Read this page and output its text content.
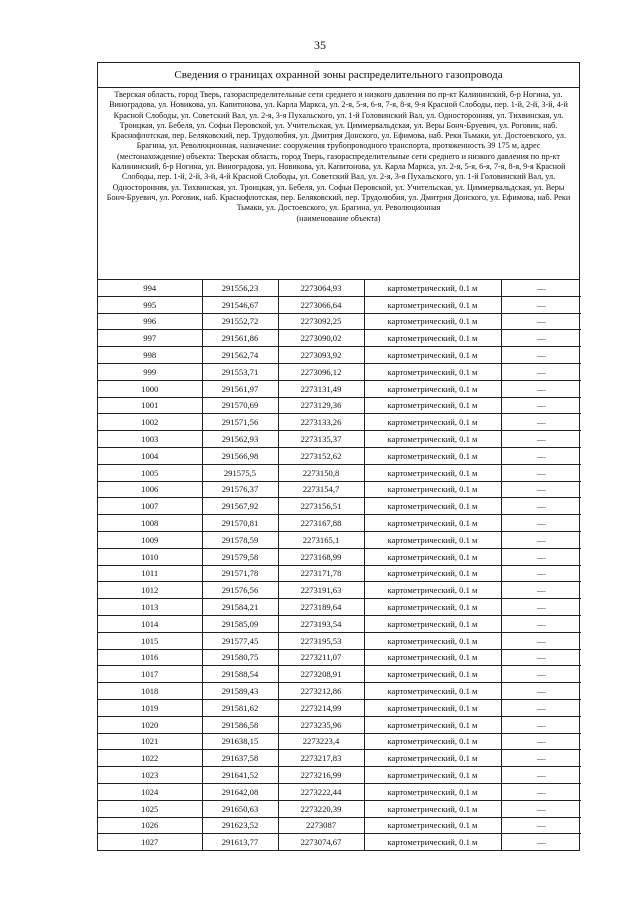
35
Сведения о границах охранной зоны распределительного газопровода
Тверская область, город Тверь, газораспределительные сети среднего и низкого давления по пр-кт Калининский, б-р Ногина, ул. Виноградова, ул. Новикова, ул. Капитонова, ул. Карла Маркса, ул. 2-я, 5-я, 6-я, 7-я, 8-я, 9-я Красной Слободы, пер. 1-й, 2-й, 3-й, 4-й Красной Слободы, ул. Советский Вал, ул. 2-я, 3-я Пухальского, ул. 1-й Головинский Вал, ул. Односторонняя, ул. Тихвинская, ул. Троицкая, ул. Бебеля, ул. Софьи Перовской, ул. Учительская, ул. Циммервальдская, ул. Веры Бонч-Бруевич, ул. Роговик, наб. Краснофлотская, пер. Беляковский, пер. Трудолюбия, ул. Дмитрия Донского, ул. Ефимова, наб. Реки Тьмаки, ул. Достоевского, ул. Брагина, ул. Революционная, назначение: сооружения трубопроводного транспорта, протяженность 39 175 м, адрес (местонахождение) объекта: Тверская область, город Тверь, газораспределительные сети среднего и низкого давления по пр-кт Калининский, б-р Ногина, ул. Виноградова, ул. Новикова, ул. Капитонова, ул. Карла Маркса, ул. 2-я, 5-я, 6-я, 7-я, 8-я, 9-я Красной Слободы, пер. 1-й, 2-й, 3-й, 4-й Красной Слободы, ул. Советский Вал, ул. 2-я, 3-я Пухальского, ул. 1-й Головинский Вал, ул. Односторонняя, ул. Тихвинская, ул. Троицкая, ул. Бебеля, ул. Софьи Перовской, ул. Учительская, ул. Циммервальдская, ул. Веры Бонч-Бруевич, ул. Роговик, наб. Краснофлотская, пер. Беляковский, пер. Трудолюбия, ул. Дмитрия Донского, ул. Ефимова, наб. Реки Тьмаки, ул. Достоевского, ул. Брагина, ул. Революционная
(наименование объекта)
994	291556,23	2273064,93	картометрический, 0.1 м	—
995	291546,67	2273066,64	картометрический, 0.1 м	—
996	291552,72	2273092,25	картометрический, 0.1 м	—
997	291561,86	2273090,02	картометрический, 0.1 м	—
998	291562,74	2273093,92	картометрический, 0.1 м	—
999	291553,71	2273096,12	картометрический, 0.1 м	—
1000	291561,97	2273131,49	картометрический, 0.1 м	—
1001	291570,69	2273129,36	картометрический, 0.1 м	—
1002	291571,56	2273133,26	картометрический, 0.1 м	—
1003	291562,93	2273135,37	картометрический, 0.1 м	—
1004	291566,98	2273152,62	картометрический, 0.1 м	—
1005	291575,5	2273150,8	картометрический, 0.1 м	—
1006	291576,37	2273154,7	картометрический, 0.1 м	—
1007	291567,92	2273156,51	картометрический, 0.1 м	—
1008	291570,81	2273167,88	картометрический, 0.1 м	—
1009	291578,59	2273165,1	картометрический, 0.1 м	—
1010	291579,58	2273168,99	картометрический, 0.1 м	—
1011	291571,78	2273171,78	картометрический, 0.1 м	—
1012	291576,56	2273191,63	картометрический, 0.1 м	—
1013	291584,21	2273189,64	картометрический, 0.1 м	—
1014	291585,09	2273193,54	картометрический, 0.1 м	—
1015	291577,45	2273195,53	картометрический, 0.1 м	—
1016	291580,75	2273211,07	картометрический, 0.1 м	—
1017	291588,54	2273208,91	картометрический, 0.1 м	—
1018	291589,43	2273212,86	картометрический, 0.1 м	—
1019	291581,62	2273214,99	картометрический, 0.1 м	—
1020	291586,58	2273235,96	картометрический, 0.1 м	—
1021	291638,15	2273223,4	картометрический, 0.1 м	—
1022	291637,58	2273217,83	картометрический, 0.1 м	—
1023	291641,52	2273216,99	картометрический, 0.1 м	—
1024	291642,08	2273222,44	картометрический, 0.1 м	—
1025	291650,63	2273220,39	картометрический, 0.1 м	—
1026	291623,52	2273087	картометрический, 0.1 м	—
1027	291613,77	2273074,67	картометрический, 0.1 м	—
